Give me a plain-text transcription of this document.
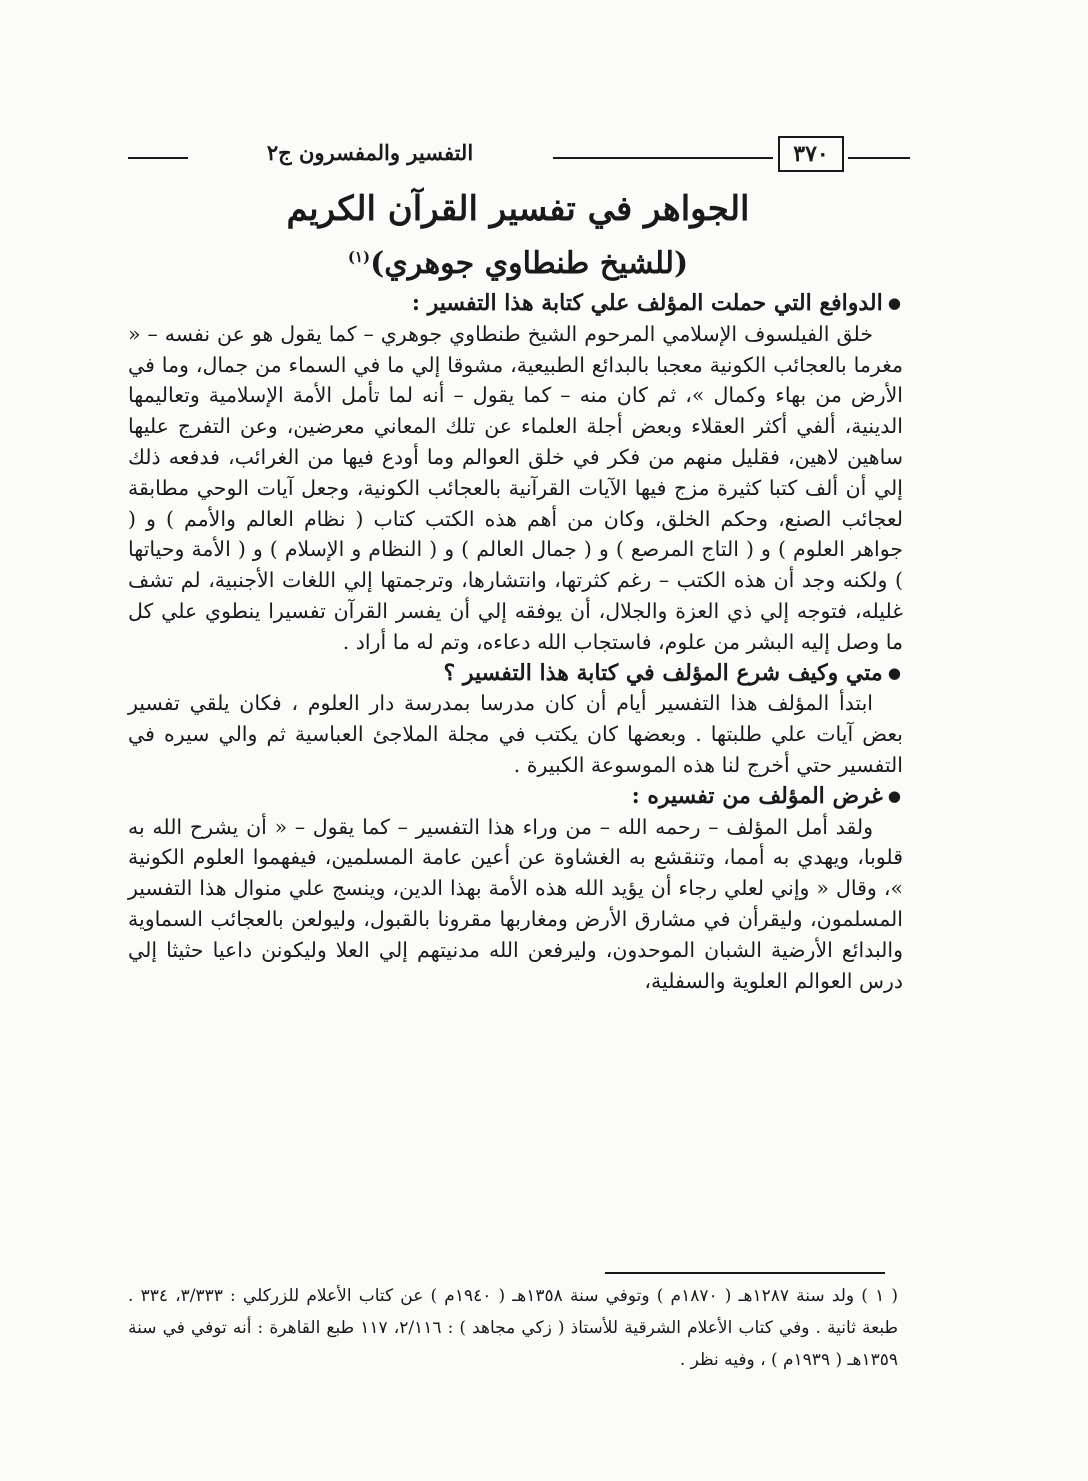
التفسير والمفسرون ج٢	٣٧٠
الجواهر في تفسير القرآن الكريم
(للشيخ طنطاوي جوهري)$^{(١)}$
● الدوافع التي حملت المؤلف علي كتابة هذا التفسير :

خلق الفيلسوف الإسلامي المرحوم الشيخ طنطاوي جوهري – كما يقول هو عن نفسه – « مغرما بالعجائب الكونية معجبا بالبدائع الطبيعية، مشوقا إلي ما في السماء من جمال، وما في الأرض من بهاء وكمال »، ثم كان منه – كما يقول – أنه لما تأمل الأمة الإسلامية وتعاليمها الدينية، ألفي أكثر العقلاء وبعض أجلة العلماء عن تلك المعاني معرضين، وعن التفرج عليها ساهين لاهين، فقليل منهم من فكر في خلق العوالم وما أودع فيها من الغرائب، فدفعه ذلك إلي أن ألف كتبا كثيرة مزج فيها الآيات القرآنية بالعجائب الكونية، وجعل آيات الوحي مطابقة لعجائب الصنع، وحكم الخلق، وكان من أهم هذه الكتب كتاب ( نظام العالم والأمم ) و ( جواهر العلوم ) و ( التاج المرصع ) و ( جمال العالم ) و ( النظام و الإسلام ) و ( الأمة وحياتها ) ولكنه وجد أن هذه الكتب – رغم كثرتها، وانتشارها، وترجمتها إلي اللغات الأجنبية، لم تشف غليله، فتوجه إلي ذي العزة والجلال، أن يوفقه إلي أن يفسر القرآن تفسيرا ينطوي علي كل ما وصل إليه البشر من علوم، فاستجاب الله دعاءه، وتم له ما أراد .

● متي وكيف شرع المؤلف في كتابة هذا التفسير ؟

ابتدأ المؤلف هذا التفسير أيام أن كان مدرسا بمدرسة دار العلوم ، فكان يلقي تفسير بعض آيات علي طلبتها . وبعضها كان يكتب في مجلة الملاجئ العباسية ثم والي سيره في التفسير حتي أخرج لنا هذه الموسوعة الكبيرة .

● غرض المؤلف من تفسيره :

ولقد أمل المؤلف – رحمه الله – من وراء هذا التفسير – كما يقول – « أن يشرح الله به قلوبا، ويهدي به أمما، وتنقشع به الغشاوة عن أعين عامة المسلمين، فيفهموا العلوم الكونية »، وقال « وإني لعلي رجاء أن يؤيد الله هذه الأمة بهذا الدين، وينسج علي منوال هذا التفسير المسلمون، وليقرأن في مشارق الأرض ومغاربها مقرونا بالقبول، وليولعن بالعجائب السماوية والبدائع الأرضية الشبان الموحدون، وليرفعن الله مدنيتهم إلي العلا وليكونن داعيا حثيثا إلي درس العوالم العلوية والسفلية،

( ١ ) ولد سنة ١٢٨٧هـ ( ١٨٧٠م ) وتوفي سنة ١٣٥٨هـ ( ١٩٤٠م ) عن كتاب الأعلام للزركلي : ٣/٣٣٣، ٣٣٤ . طبعة ثانية . وفي كتاب الأعلام الشرقية للأستاذ ( زكي مجاهد ) : ٢/١١٦، ١١٧ طبع القاهرة : أنه توفي في سنة ١٣٥٩هـ ( ١٩٣٩م ) ، وفيه نظر .
